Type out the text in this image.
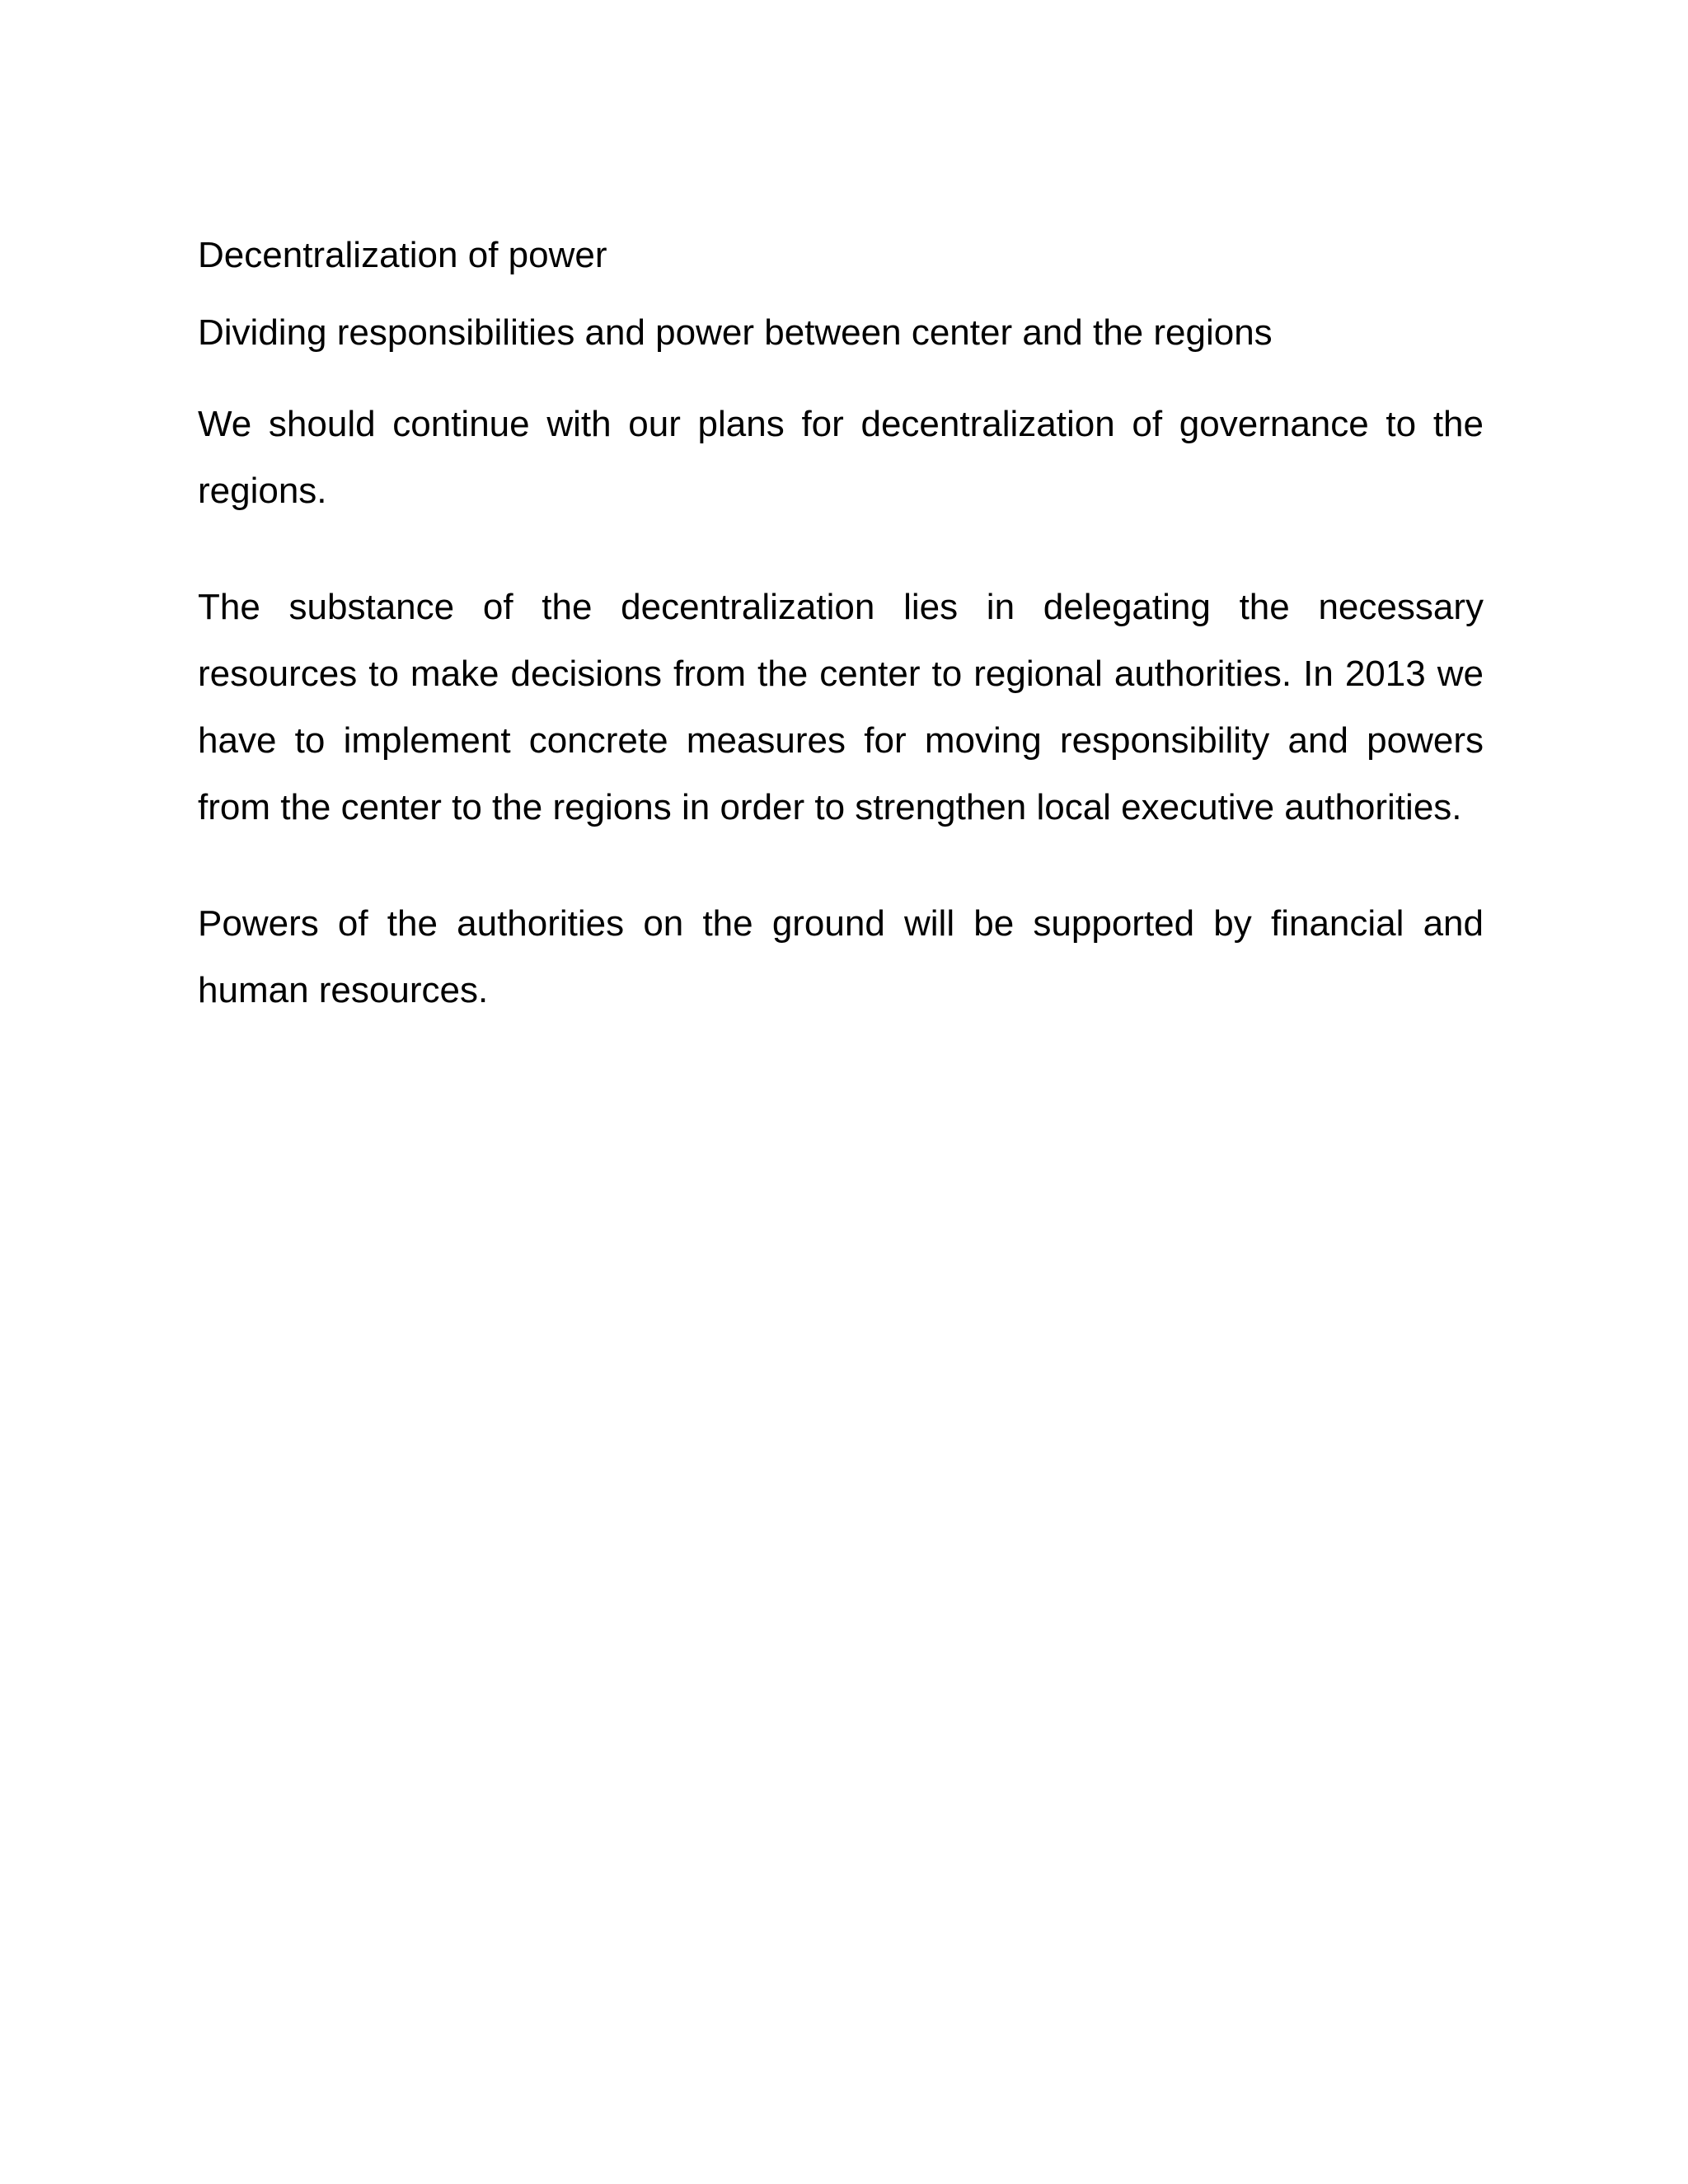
Decentralization of power

Dividing responsibilities and power between center and the regions

We should continue with our plans for decentralization of governance to the regions.

The substance of the decentralization lies in delegating the necessary resources to make decisions from the center to regional authorities. In 2013 we have to implement concrete measures for moving responsibility and powers from the center to the regions in order to strengthen local executive authorities.

Powers of the authorities on the ground will be supported by financial and human resources.
